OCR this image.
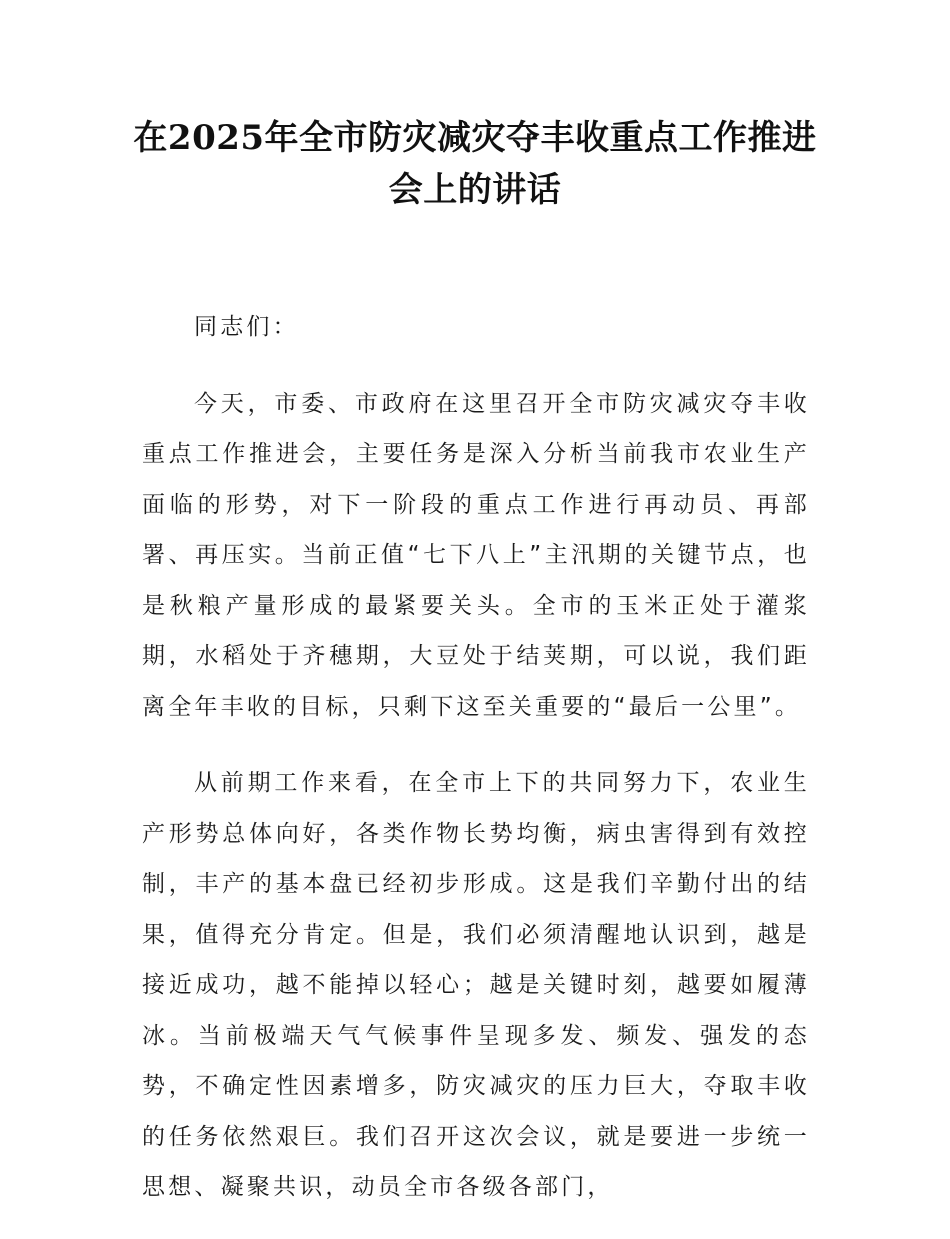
在2025年全市防灾减灾夺丰收重点工作推进会上的讲话

同志们：

今天，市委、市政府在这里召开全市防灾减灾夺丰收重点工作推进会，主要任务是深入分析当前我市农业生产面临的形势，对下一阶段的重点工作进行再动员、再部署、再压实。当前正值“七下八上”主汛期的关键节点，也是秋粮产量形成的最紧要关头。全市的玉米正处于灌浆期，水稻处于齐穗期，大豆处于结荚期，可以说，我们距离全年丰收的目标，只剩下这至关重要的“最后一公里”。

从前期工作来看，在全市上下的共同努力下，农业生产形势总体向好，各类作物长势均衡，病虫害得到有效控制，丰产的基本盘已经初步形成。这是我们辛勤付出的结果，值得充分肯定。但是，我们必须清醒地认识到，越是接近成功，越不能掉以轻心；越是关键时刻，越要如履薄冰。当前极端天气气候事件呈现多发、频发、强发的态势，不确定性因素增多，防灾减灾的压力巨大，夺取丰收的任务依然艰巨。我们召开这次会议，就是要进一步统一思想、凝聚共识，动员全市各级各部门，
